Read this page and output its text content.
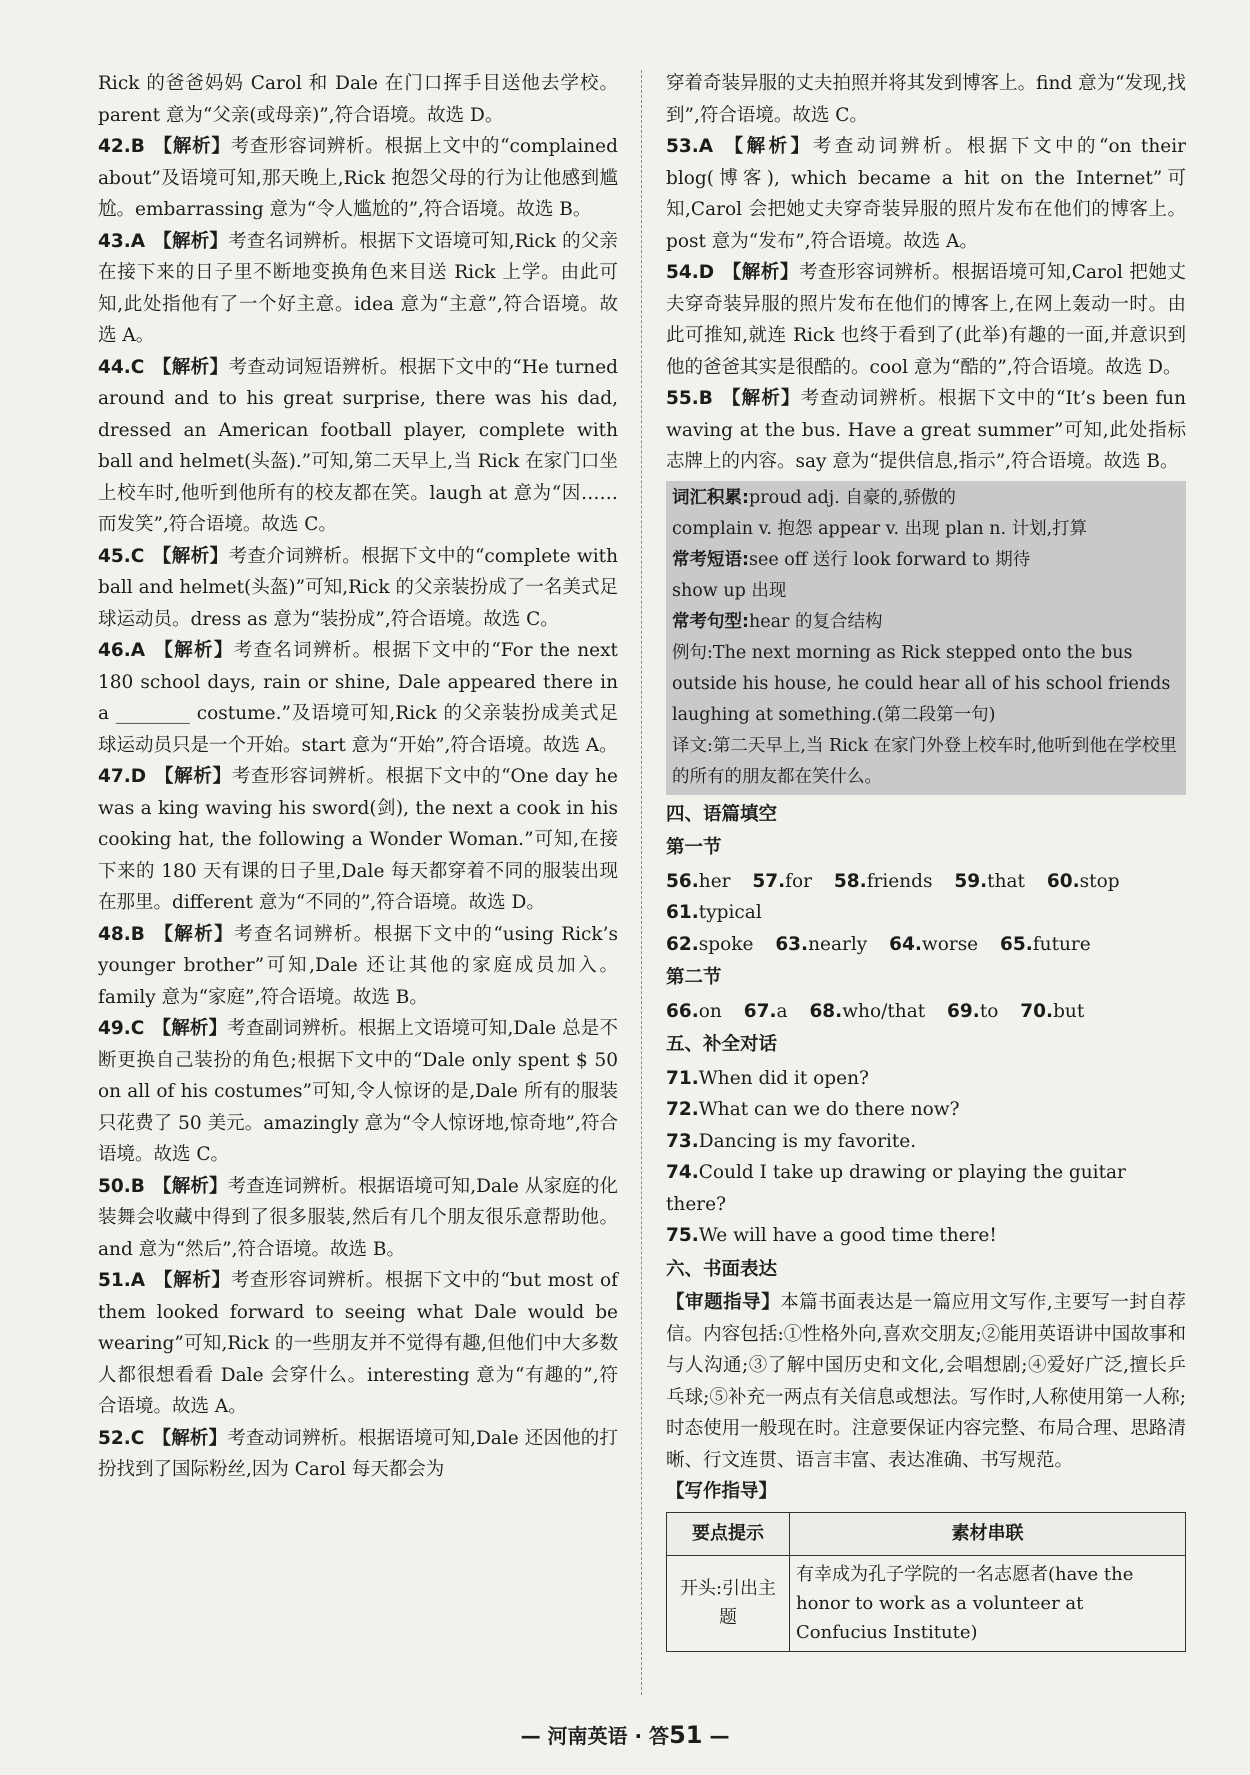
Rick 的爸爸妈妈 Carol 和 Dale 在门口挥手目送他去学校。parent 意为“父亲(或母亲)”,符合语境。故选 D。

42.B 【解析】考查形容词辨析。根据上文中的“complained about”及语境可知,那天晚上,Rick 抱怨父母的行为让他感到尴尬。embarrassing 意为“令人尴尬的”,符合语境。故选 B。

43.A 【解析】考查名词辨析。根据下文语境可知,Rick 的父亲在接下来的日子里不断地变换角色来目送 Rick 上学。由此可知,此处指他有了一个好主意。idea 意为“主意”,符合语境。故选 A。

44.C 【解析】考查动词短语辨析。根据下文中的“He turned around and to his great surprise, there was his dad, dressed an American football player, complete with ball and helmet(头盔).”可知,第二天早上,当 Rick 在家门口坐上校车时,他听到他所有的校友都在笑。laugh at 意为“因……而发笑”,符合语境。故选 C。

45.C 【解析】考查介词辨析。根据下文中的“complete with ball and helmet(头盔)”可知,Rick 的父亲装扮成了一名美式足球运动员。dress as 意为“装扮成”,符合语境。故选 C。

46.A 【解析】考查名词辨析。根据下文中的“For the next 180 school days, rain or shine, Dale appeared there in a ________ costume.”及语境可知,Rick 的父亲装扮成美式足球运动员只是一个开始。start 意为“开始”,符合语境。故选 A。

47.D 【解析】考查形容词辨析。根据下文中的“One day he was a king waving his sword(剑), the next a cook in his cooking hat, the following a Wonder Woman.”可知,在接下来的 180 天有课的日子里,Dale 每天都穿着不同的服装出现在那里。different 意为“不同的”,符合语境。故选 D。

48.B 【解析】考查名词辨析。根据下文中的“using Rick’s younger brother”可知,Dale 还让其他的家庭成员加入。family 意为“家庭”,符合语境。故选 B。

49.C 【解析】考查副词辨析。根据上文语境可知,Dale 总是不断更换自己装扮的角色;根据下文中的“Dale only spent $ 50 on all of his costumes”可知,令人惊讶的是,Dale 所有的服装只花费了 50 美元。amazingly 意为“令人惊讶地,惊奇地”,符合语境。故选 C。

50.B 【解析】考查连词辨析。根据语境可知,Dale 从家庭的化装舞会收藏中得到了很多服装,然后有几个朋友很乐意帮助他。and 意为“然后”,符合语境。故选 B。

51.A 【解析】考查形容词辨析。根据下文中的“but most of them looked forward to seeing what Dale would be wearing”可知,Rick 的一些朋友并不觉得有趣,但他们中大多数人都很想看看 Dale 会穿什么。interesting 意为“有趣的”,符合语境。故选 A。

52.C 【解析】考查动词辨析。根据语境可知,Dale 还因他的打扮找到了国际粉丝,因为 Carol 每天都会为

穿着奇装异服的丈夫拍照并将其发到博客上。find 意为“发现,找到”,符合语境。故选 C。

53.A 【解析】考查动词辨析。根据下文中的“on their blog(博客), which became a hit on the Internet”可知,Carol 会把她丈夫穿奇装异服的照片发布在他们的博客上。post 意为“发布”,符合语境。故选 A。

54.D 【解析】考查形容词辨析。根据语境可知,Carol 把她丈夫穿奇装异服的照片发布在他们的博客上,在网上轰动一时。由此可推知,就连 Rick 也终于看到了(此举)有趣的一面,并意识到他的爸爸其实是很酷的。cool 意为“酷的”,符合语境。故选 D。

55.B 【解析】考查动词辨析。根据下文中的“It’s been fun waving at the bus. Have a great summer”可知,此处指标志牌上的内容。say 意为“提供信息,指示”,符合语境。故选 B。

词汇积累:proud adj. 自豪的,骄傲的
complain v. 抱怨 appear v. 出现 plan n. 计划,打算
常考短语:see off 送行 look forward to 期待
show up 出现
常考句型:hear 的复合结构
例句:The next morning as Rick stepped onto the bus outside his house, he could hear all of his school friends laughing at something.(第二段第一句)
译文:第二天早上,当 Rick 在家门外登上校车时,他听到他在学校里的所有的朋友都在笑什么。
四、语篇填空
第一节
56.her 57.for 58.friends 59.that 60.stop 61.typical
62.spoke 63.nearly 64.worse 65.future
第二节
66.on 67.a 68.who/that 69.to 70.but
五、补全对话

71.When did it open?

72.What can we do there now?

73.Dancing is my favorite.

74.Could I take up drawing or playing the guitar there?

75.We will have a good time there!

六、书面表达

【审题指导】本篇书面表达是一篇应用文写作,主要写一封自荐信。内容包括:①性格外向,喜欢交朋友;②能用英语讲中国故事和与人沟通;③了解中国历史和文化,会唱想剧;④爱好广泛,擅长乒乓球;⑤补充一两点有关信息或想法。写作时,人称使用第一人称;时态使用一般现在时。注意要保证内容完整、布局合理、思路清晰、行文连贯、语言丰富、表达准确、书写规范。

【写作指导】
要点提示	素材串联
开头:引出主题	有幸成为孔子学院的一名志愿者(have the honor to work as a volunteer at Confucius Institute)
— 河南英语 · 答51 —
